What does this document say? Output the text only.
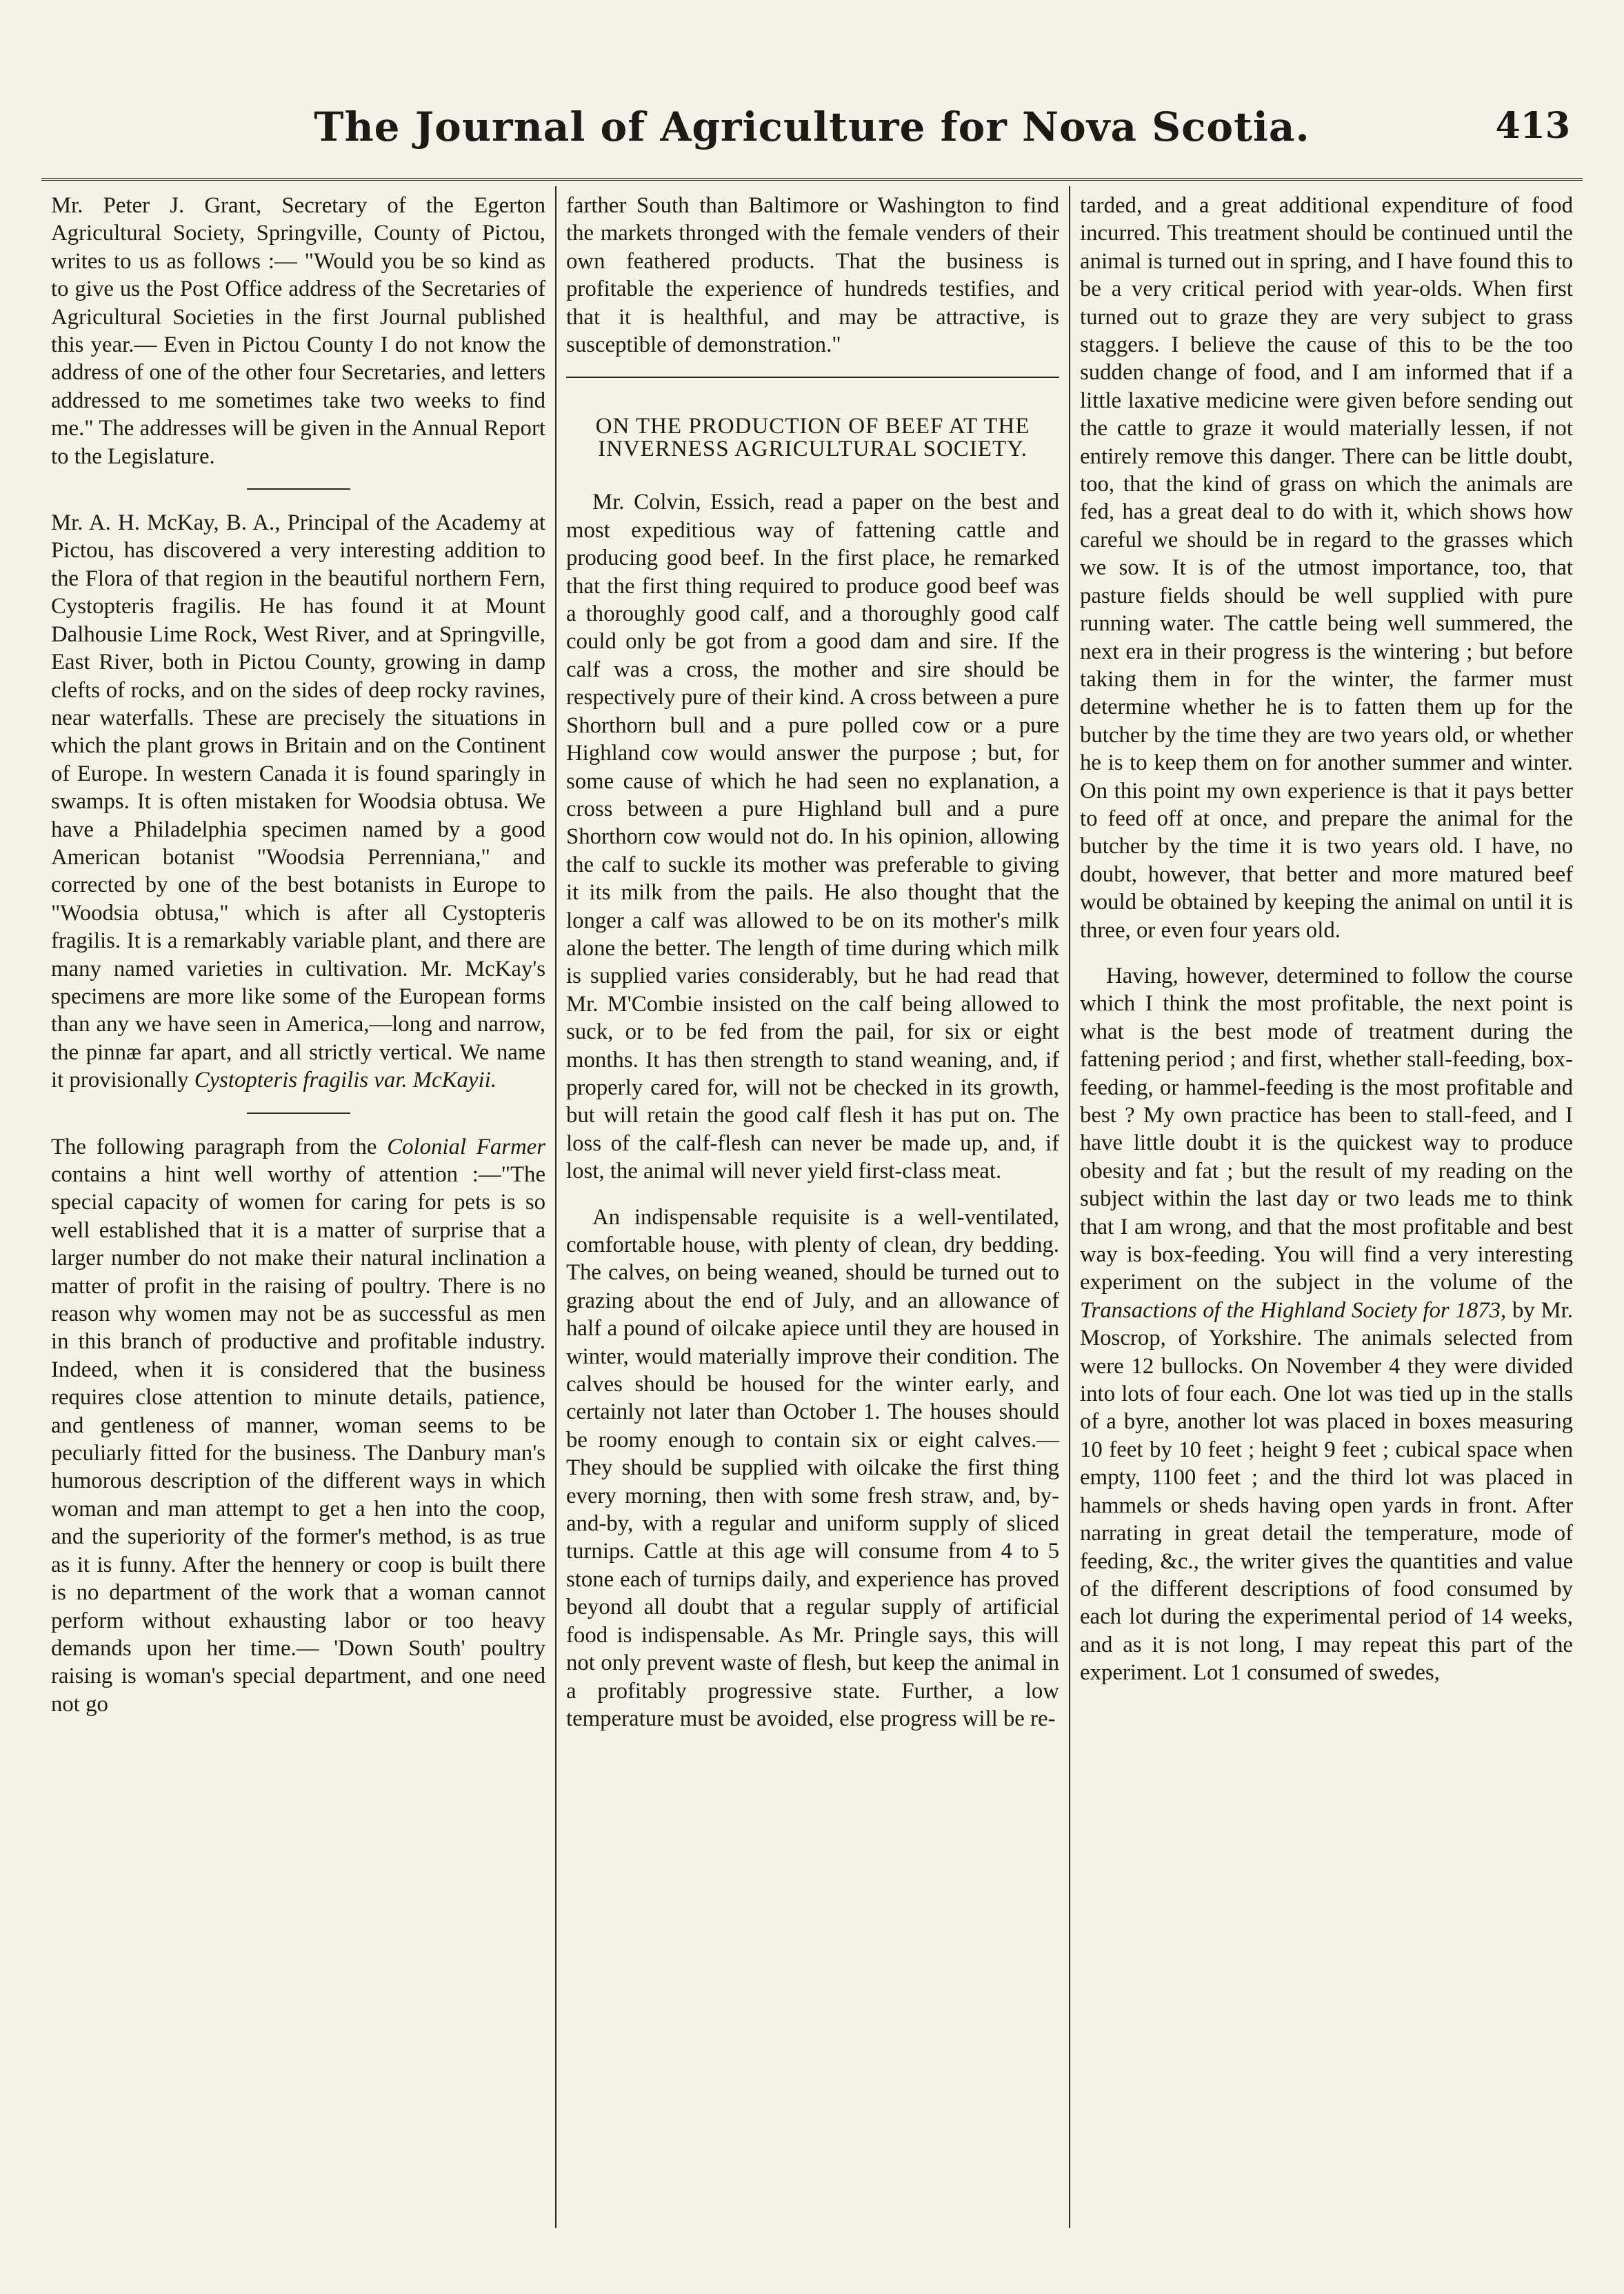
The Journal of Agriculture for Nova Scotia.	413

Mr. Peter J. Grant, Secretary of the Egerton Agricultural Society, Springville, County of Pictou, writes to us as follows :— "Would you be so kind as to give us the Post Office address of the Secretaries of Agricultural Societies in the first Journal published this year.— Even in Pictou County I do not know the address of one of the other four Secretaries, and letters addressed to me sometimes take two weeks to find me." The addresses will be given in the Annual Report to the Legislature.

Mr. A. H. McKay, B. A., Principal of the Academy at Pictou, has discovered a very interesting addition to the Flora of that region in the beautiful northern Fern, Cystopteris fragilis. He has found it at Mount Dalhousie Lime Rock, West River, and at Springville, East River, both in Pictou County, growing in damp clefts of rocks, and on the sides of deep rocky ravines, near waterfalls. These are precisely the situations in which the plant grows in Britain and on the Continent of Europe. In western Canada it is found sparingly in swamps. It is often mistaken for Woodsia obtusa. We have a Philadelphia specimen named by a good American botanist "Woodsia Perrenniana," and corrected by one of the best botanists in Europe to "Woodsia obtusa," which is after all Cystopteris fragilis. It is a remarkably variable plant, and there are many named varieties in cultivation. Mr. McKay's specimens are more like some of the European forms than any we have seen in America,—long and narrow, the pinnæ far apart, and all strictly vertical. We name it provisionally Cystopteris fragilis var. McKayii.

The following paragraph from the Colonial Farmer contains a hint well worthy of attention :—"The special capacity of women for caring for pets is so well established that it is a matter of surprise that a larger number do not make their natural inclination a matter of profit in the raising of poultry. There is no reason why women may not be as successful as men in this branch of productive and profitable industry. Indeed, when it is considered that the business requires close attention to minute details, patience, and gentleness of manner, woman seems to be peculiarly fitted for the business. The Danbury man's humorous description of the different ways in which woman and man attempt to get a hen into the coop, and the superiority of the former's method, is as true as it is funny. After the hennery or coop is built there is no department of the work that a woman cannot perform without exhausting labor or too heavy demands upon her time.— 'Down South' poultry raising is woman's special department, and one need not go

farther South than Baltimore or Washington to find the markets thronged with the female venders of their own feathered products. That the business is profitable the experience of hundreds testifies, and that it is healthful, and may be attractive, is susceptible of demonstration."

ON THE PRODUCTION OF BEEF AT THE INVERNESS AGRICULTURAL SOCIETY.

Mr. Colvin, Essich, read a paper on the best and most expeditious way of fattening cattle and producing good beef. In the first place, he remarked that the first thing required to produce good beef was a thoroughly good calf, and a thoroughly good calf could only be got from a good dam and sire. If the calf was a cross, the mother and sire should be respectively pure of their kind. A cross between a pure Shorthorn bull and a pure polled cow or a pure Highland cow would answer the purpose ; but, for some cause of which he had seen no explanation, a cross between a pure Highland bull and a pure Shorthorn cow would not do. In his opinion, allowing the calf to suckle its mother was preferable to giving it its milk from the pails. He also thought that the longer a calf was allowed to be on its mother's milk alone the better. The length of time during which milk is supplied varies considerably, but he had read that Mr. M'Combie insisted on the calf being allowed to suck, or to be fed from the pail, for six or eight months. It has then strength to stand weaning, and, if properly cared for, will not be checked in its growth, but will retain the good calf flesh it has put on. The loss of the calf-flesh can never be made up, and, if lost, the animal will never yield first-class meat.

An indispensable requisite is a well-ventilated, comfortable house, with plenty of clean, dry bedding. The calves, on being weaned, should be turned out to grazing about the end of July, and an allowance of half a pound of oilcake apiece until they are housed in winter, would materially improve their condition. The calves should be housed for the winter early, and certainly not later than October 1. The houses should be roomy enough to contain six or eight calves.— They should be supplied with oilcake the first thing every morning, then with some fresh straw, and, by-and-by, with a regular and uniform supply of sliced turnips. Cattle at this age will consume from 4 to 5 stone each of turnips daily, and experience has proved beyond all doubt that a regular supply of artificial food is indispensable. As Mr. Pringle says, this will not only prevent waste of flesh, but keep the animal in a profitably progressive state. Further, a low temperature must be avoided, else progress will be re-

tarded, and a great additional expenditure of food incurred. This treatment should be continued until the animal is turned out in spring, and I have found this to be a very critical period with year-olds. When first turned out to graze they are very subject to grass staggers. I believe the cause of this to be the too sudden change of food, and I am informed that if a little laxative medicine were given before sending out the cattle to graze it would materially lessen, if not entirely remove this danger. There can be little doubt, too, that the kind of grass on which the animals are fed, has a great deal to do with it, which shows how careful we should be in regard to the grasses which we sow. It is of the utmost importance, too, that pasture fields should be well supplied with pure running water. The cattle being well summered, the next era in their progress is the wintering ; but before taking them in for the winter, the farmer must determine whether he is to fatten them up for the butcher by the time they are two years old, or whether he is to keep them on for another summer and winter. On this point my own experience is that it pays better to feed off at once, and prepare the animal for the butcher by the time it is two years old. I have, no doubt, however, that better and more matured beef would be obtained by keeping the animal on until it is three, or even four years old.

Having, however, determined to follow the course which I think the most profitable, the next point is what is the best mode of treatment during the fattening period ; and first, whether stall-feeding, box-feeding, or hammel-feeding is the most profitable and best ? My own practice has been to stall-feed, and I have little doubt it is the quickest way to produce obesity and fat ; but the result of my reading on the subject within the last day or two leads me to think that I am wrong, and that the most profitable and best way is box-feeding. You will find a very interesting experiment on the subject in the volume of the Transactions of the Highland Society for 1873, by Mr. Moscrop, of Yorkshire. The animals selected from were 12 bullocks. On November 4 they were divided into lots of four each. One lot was tied up in the stalls of a byre, another lot was placed in boxes measuring 10 feet by 10 feet ; height 9 feet ; cubical space when empty, 1100 feet ; and the third lot was placed in hammels or sheds having open yards in front. After narrating in great detail the temperature, mode of feeding, &c., the writer gives the quantities and value of the different descriptions of food consumed by each lot during the experimental period of 14 weeks, and as it is not long, I may repeat this part of the experiment. Lot 1 consumed of swedes,
